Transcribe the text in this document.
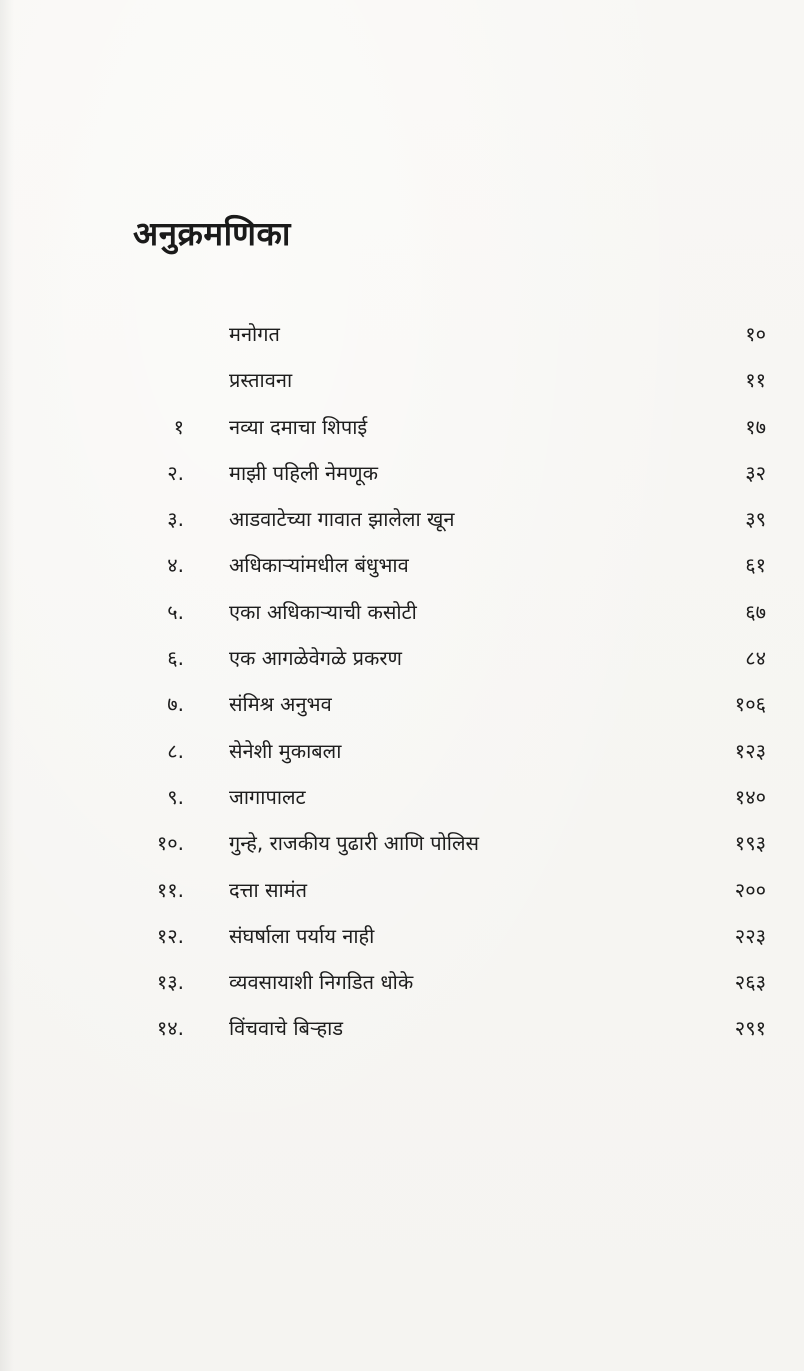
अनुक्रमणिका
मनोगत	१०
प्रस्तावना	११
१ नव्या दमाचा शिपाई	१७
२. माझी पहिली नेमणूक	३२
३. आडवाटेच्या गावात झालेला खून	३९
४. अधिकाऱ्यांमधील बंधुभाव	६१
५. एका अधिकाऱ्याची कसोटी	६७
६. एक आगळेवेगळे प्रकरण	८४
७. संमिश्र अनुभव	१०६
८. सेनेशी मुकाबला	१२३
९. जागापालट	१४०
१०. गुन्हे, राजकीय पुढारी आणि पोलिस	१९३
११. दत्ता सामंत	२००
१२. संघर्षाला पर्याय नाही	२२३
१३. व्यवसायाशी निगडित धोके	२६३
१४. विंचवाचे बिऱ्हाड	२९१
